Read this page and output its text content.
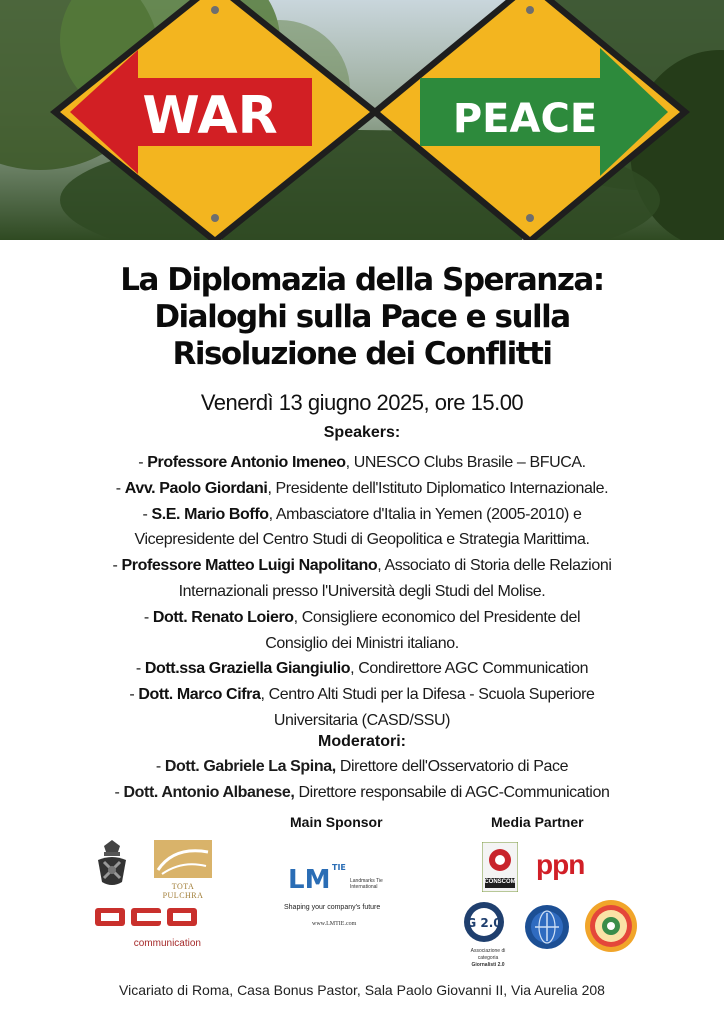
WAR	PEACE
La Diplomazia della Speranza:
Dialoghi sulla Pace e sulla
Risoluzione dei Conflitti
Venerdì 13 giugno 2025, ore 15.00
Speakers:
- Professore Antonio Imeneo, UNESCO Clubs Brasile – BFUCA.
- Avv. Paolo Giordani, Presidente dell'Istituto Diplomatico Internazionale.
- S.E. Mario Boffo, Ambasciatore d'Italia in Yemen (2005-2010) e
Vicepresidente del Centro Studi di Geopolitica e Strategia Marittima.
- Professore Matteo Luigi Napolitano, Associato di Storia delle Relazioni
Internazionali presso l'Università degli Studi del Molise.
- Dott. Renato Loiero, Consigliere economico del Presidente del
Consiglio dei Ministri italiano.
- Dott.ssa Graziella Giangiulio, Condirettore AGC Communication
- Dott. Marco Cifra, Centro Alti Studi per la Difesa - Scuola Superiore
Universitaria (CASD/SSU)
Moderatori:
- Dott. Gabriele La Spina, Direttore dell'Osservatorio di Pace
- Dott. Antonio Albanese, Direttore responsabile di AGC-Communication
Main Sponsor	Media Partner
TOTA PULCHRA
communication
LM TIE
Landmarks Tie
International
Shaping your company's future
www.LMTIE.com
CONSCOM
ppn
G 2.0
Associazione di categoria
Giornalisti 2.0
Vicariato di Roma, Casa Bonus Pastor, Sala Paolo Giovanni II, Via Aurelia 208
